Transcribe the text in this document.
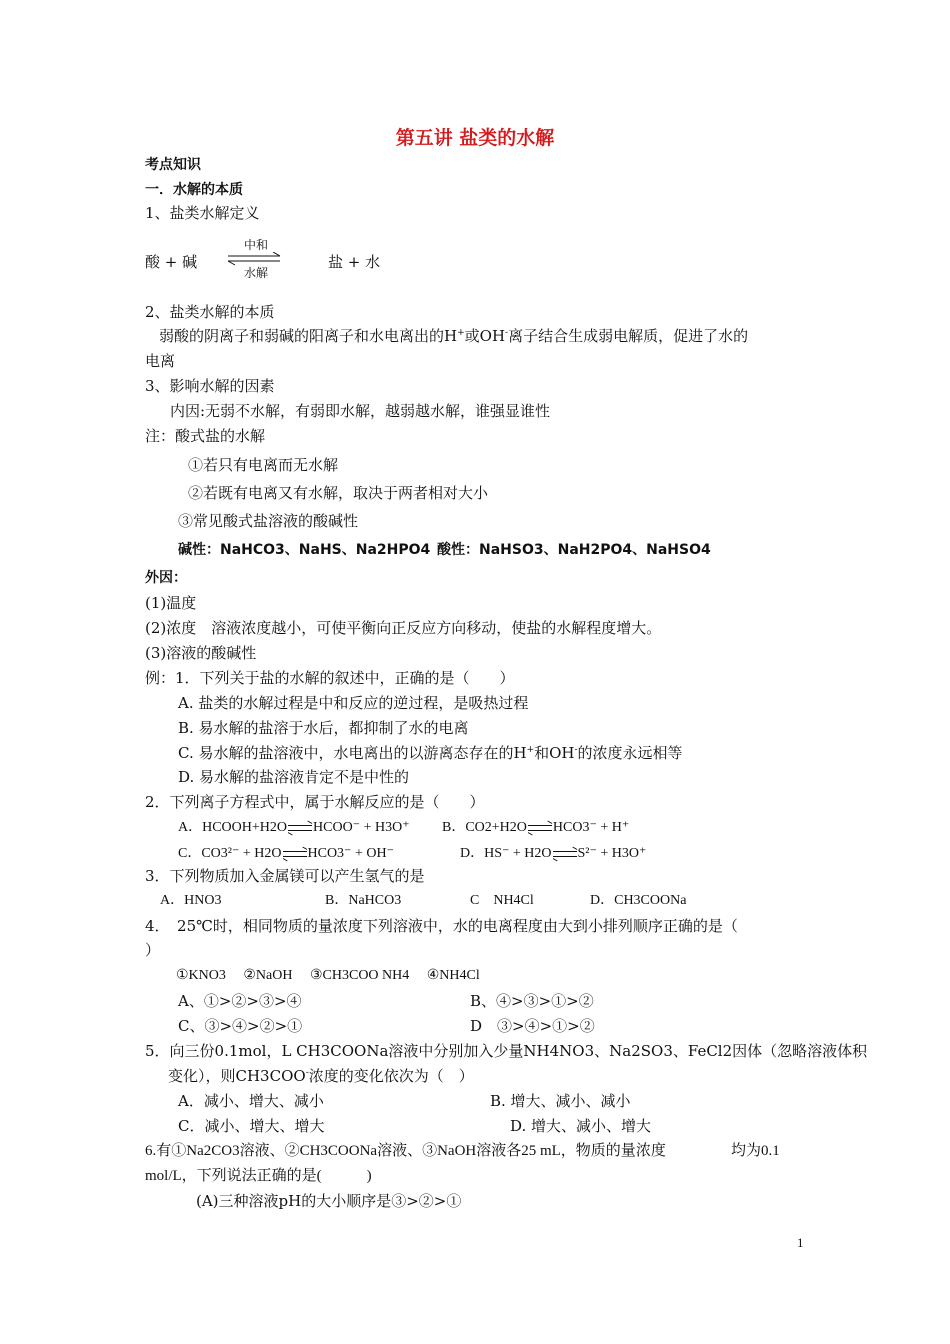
第五讲 盐类的水解
考点知识
一．水解的本质
1、盐类水解定义
酸 + 碱
中和
水解
盐 + 水
2、盐类水解的本质
弱酸的阴离子和弱碱的阳离子和水电离出的H+或OH-离子结合生成弱电解质，促进了水的
电离
3、影响水解的因素
内因:无弱不水解，有弱即水解，越弱越水解，谁强显谁性
注：酸式盐的水解
①若只有电离而无水解
②若既有电离又有水解，取决于两者相对大小
③常见酸式盐溶液的酸碱性
碱性：NaHCO3、NaHS、Na2HPO4 酸性：NaHSO3、NaH2PO4、NaHSO4
外因：
(1)温度
(2)浓度　溶液浓度越小，可使平衡向正反应方向移动，使盐的水解程度增大。
(3)溶液的酸碱性
例：1．下列关于盐的水解的叙述中，正确的是（　　）
A. 盐类的水解过程是中和反应的逆过程，是吸热过程
B. 易水解的盐溶于水后，都抑制了水的电离
C. 易水解的盐溶液中，水电离出的以游离态存在的H+和OH-的浓度永远相等
D. 易水解的盐溶液肯定不是中性的
2．下列离子方程式中，属于水解反应的是（　　）
A．HCOOH+H2O HCOO⁻ + H3O⁺ B．CO2+H2O HCO3⁻ + H⁺
C．CO3²⁻ + H2O HCO3⁻ + OH⁻	D．HS⁻ + H2O S²⁻ + H3O⁺
3．下列物质加入金属镁可以产生氢气的是
A．HNO3	B．NaHCO3	C　NH4Cl	D．CH3COONa
4．　25℃时，相同物质的量浓度下列溶液中，水的电离程度由大到小排列顺序正确的是（
）
①KNO3　 ②NaOH　 ③CH3COO NH4　 ④NH4Cl
A、①>②>③>④	B、④>③>①>②
C、③>④>②>①	D　③>④>①>②
5．向三份0.1mol，L CH3COONa溶液中分别加入少量NH4NO3、Na2SO3、FeCl2因体（忽略溶液体积
变化），则CH3COO-浓度的变化依次为（　）
A．减小、增大、减小	B. 增大、减小、减小
C．减小、增大、增大	D. 增大、减小、增大
6.有①Na2CO3溶液、②CH3COONa溶液、③NaOH溶液各25 mL，物质的量浓度	均为0.1
mol/L，下列说法正确的是(　　　)
(A)三种溶液pH的大小顺序是③>②>①
1
